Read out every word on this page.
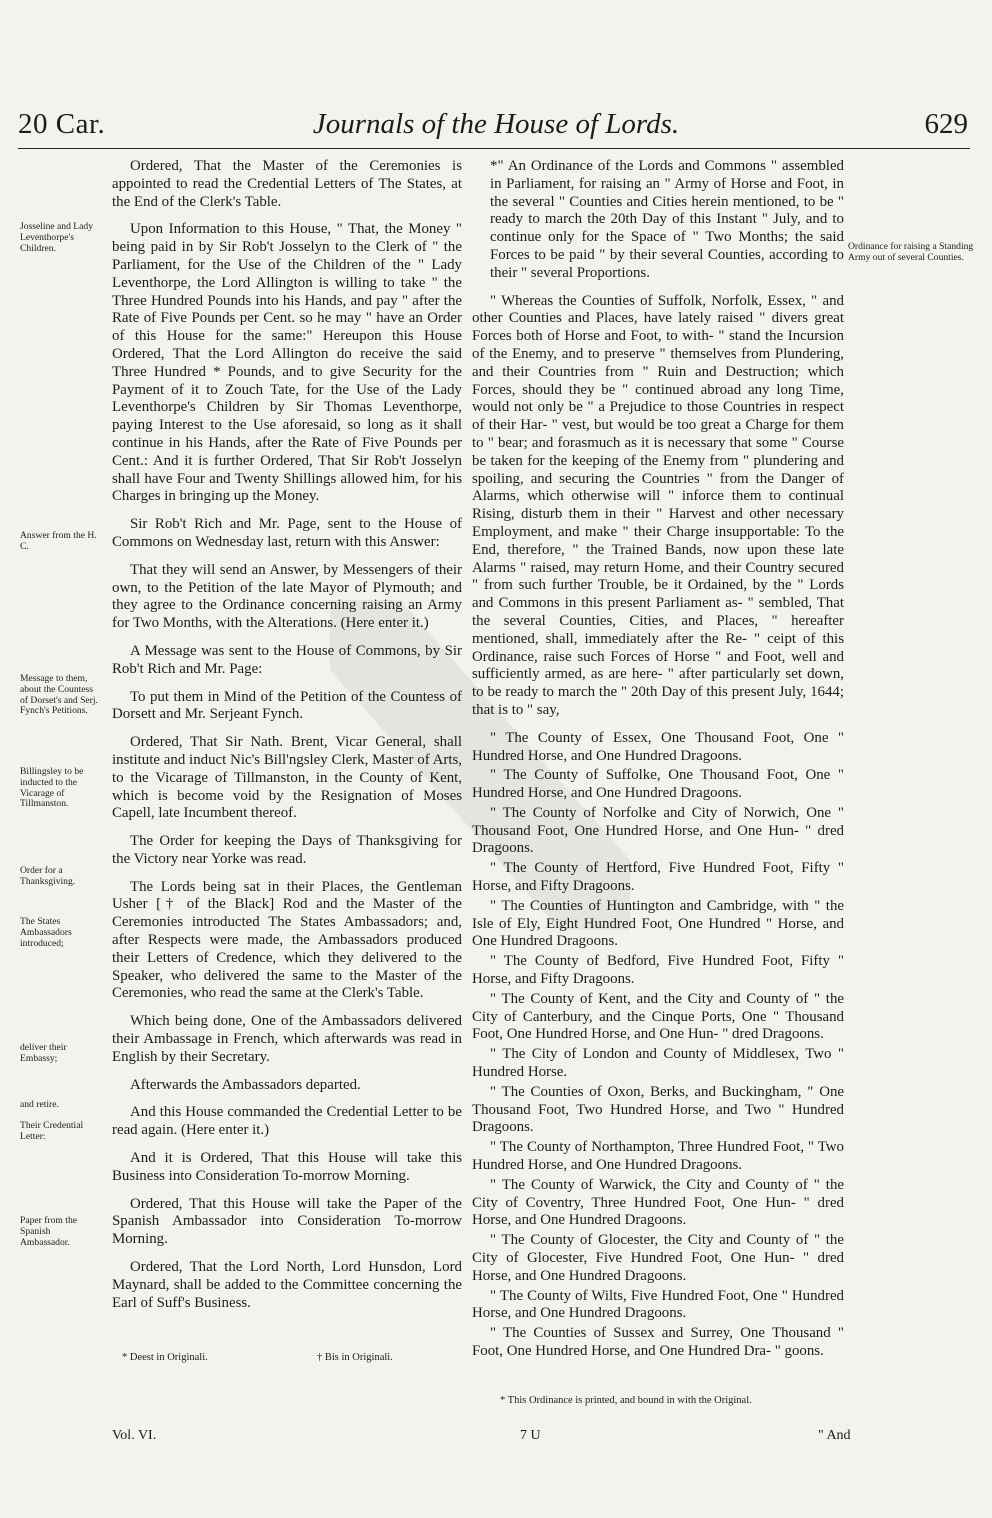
20 Car.	Journals of the House of Lords.	629
Josseline and Lady Leventhorpe's Children.
Answer from the H. C.
Message to them, about the Countess of Dorset's and Serj. Fynch's Petitions.
Billingsley to be inducted to the Vicarage of Tillmanston.
Order for a Thanksgiving.
The States Ambassadors introduced;
deliver their Embassy;
and retire.
Their Credential Letter:
Paper from the Spanish Ambassador.

Ordered, That the Master of the Ceremonies is appointed to read the Credential Letters of The States, at the End of the Clerk's Table.

Upon Information to this House, " That, the Money " being paid in by Sir Rob't Josselyn to the Clerk of " the Parliament, for the Use of the Children of the " Lady Leventhorpe, the Lord Allington is willing to take " the Three Hundred Pounds into his Hands, and pay " after the Rate of Five Pounds per Cent. so he may " have an Order of this House for the same:" Hereupon this House Ordered, That the Lord Allington do receive the said Three Hundred * Pounds, and to give Security for the Payment of it to Zouch Tate, for the Use of the Lady Leventhorpe's Children by Sir Thomas Leventhorpe, paying Interest to the Use aforesaid, so long as it shall continue in his Hands, after the Rate of Five Pounds per Cent.: And it is further Ordered, That Sir Rob't Josselyn shall have Four and Twenty Shillings allowed him, for his Charges in bringing up the Money.

Sir Rob't Rich and Mr. Page, sent to the House of Commons on Wednesday last, return with this Answer:

That they will send an Answer, by Messengers of their own, to the Petition of the late Mayor of Plymouth; and they agree to the Ordinance concerning raising an Army for Two Months, with the Alterations. (Here enter it.)

A Message was sent to the House of Commons, by Sir Rob't Rich and Mr. Page:

To put them in Mind of the Petition of the Countess of Dorsett and Mr. Serjeant Fynch.

Ordered, That Sir Nath. Brent, Vicar General, shall institute and induct Nic's Bill'ngsley Clerk, Master of Arts, to the Vicarage of Tillmanston, in the County of Kent, which is become void by the Resignation of Moses Capell, late Incumbent thereof.

The Order for keeping the Days of Thanksgiving for the Victory near Yorke was read.

The Lords being sat in their Places, the Gentleman Usher [† of the Black] Rod and the Master of the Ceremonies introducted The States Ambassadors; and, after Respects were made, the Ambassadors produced their Letters of Credence, which they delivered to the Speaker, who delivered the same to the Master of the Ceremonies, who read the same at the Clerk's Table.

Which being done, One of the Ambassadors delivered their Ambassage in French, which afterwards was read in English by their Secretary.

Afterwards the Ambassadors departed.

And this House commanded the Credential Letter to be read again. (Here enter it.)

And it is Ordered, That this House will take this Business into Consideration To-morrow Morning.

Ordered, That this House will take the Paper of the Spanish Ambassador into Consideration To-morrow Morning.

Ordered, That the Lord North, Lord Hunsdon, Lord Maynard, shall be added to the Committee concerning the Earl of Suff's Business.

Ordinance for raising a Standing Army out of several Counties.

*" An Ordinance of the Lords and Commons " assembled in Parliament, for raising an " Army of Horse and Foot, in the several " Counties and Cities herein mentioned, to be " ready to march the 20th Day of this Instant " July, and to continue only for the Space of " Two Months; the said Forces to be paid " by their several Counties, according to their " several Proportions.

" Whereas the Counties of Suffolk, Norfolk, Essex, " and other Counties and Places, have lately raised " divers great Forces both of Horse and Foot, to with- " stand the Incursion of the Enemy, and to preserve " themselves from Plundering, and their Countries from " Ruin and Destruction; which Forces, should they be " continued abroad any long Time, would not only be " a Prejudice to those Countries in respect of their Har- " vest, but would be too great a Charge for them to " bear; and forasmuch as it is necessary that some " Course be taken for the keeping of the Enemy from " plundering and spoiling, and securing the Countries " from the Danger of Alarms, which otherwise will " inforce them to continual Rising, disturb them in their " Harvest and other necessary Employment, and make " their Charge insupportable: To the End, therefore, " the Trained Bands, now upon these late Alarms " raised, may return Home, and their Country secured " from such further Trouble, be it Ordained, by the " Lords and Commons in this present Parliament as- " sembled, That the several Counties, Cities, and Places, " hereafter mentioned, shall, immediately after the Re- " ceipt of this Ordinance, raise such Forces of Horse " and Foot, well and sufficiently armed, as are here- " after particularly set down, to be ready to march the " 20th Day of this present July, 1644; that is to " say,

" The County of Essex, One Thousand Foot, One " Hundred Horse, and One Hundred Dragoons.

" The County of Suffolke, One Thousand Foot, One " Hundred Horse, and One Hundred Dragoons.

" The County of Norfolke and City of Norwich, One " Thousand Foot, One Hundred Horse, and One Hun- " dred Dragoons.

" The County of Hertford, Five Hundred Foot, Fifty " Horse, and Fifty Dragoons.

" The Counties of Huntington and Cambridge, with " the Isle of Ely, Eight Hundred Foot, One Hundred " Horse, and One Hundred Dragoons.

" The County of Bedford, Five Hundred Foot, Fifty " Horse, and Fifty Dragoons.

" The County of Kent, and the City and County of " the City of Canterbury, and the Cinque Ports, One " Thousand Foot, One Hundred Horse, and One Hun- " dred Dragoons.

" The City of London and County of Middlesex, Two " Hundred Horse.

" The Counties of Oxon, Berks, and Buckingham, " One Thousand Foot, Two Hundred Horse, and Two " Hundred Dragoons.

" The County of Northampton, Three Hundred Foot, " Two Hundred Horse, and One Hundred Dragoons.

" The County of Warwick, the City and County of " the City of Coventry, Three Hundred Foot, One Hun- " dred Horse, and One Hundred Dragoons.

" The County of Glocester, the City and County of " the City of Glocester, Five Hundred Foot, One Hun- " dred Horse, and One Hundred Dragoons.

" The County of Wilts, Five Hundred Foot, One " Hundred Horse, and One Hundred Dragoons.

" The Counties of Sussex and Surrey, One Thousand " Foot, One Hundred Horse, and One Hundred Dra- " goons.

* Deest in Originali.	† Bis in Originali.
* This Ordinance is printed, and bound in with the Original.
Vol. VI.	7 U	" And
